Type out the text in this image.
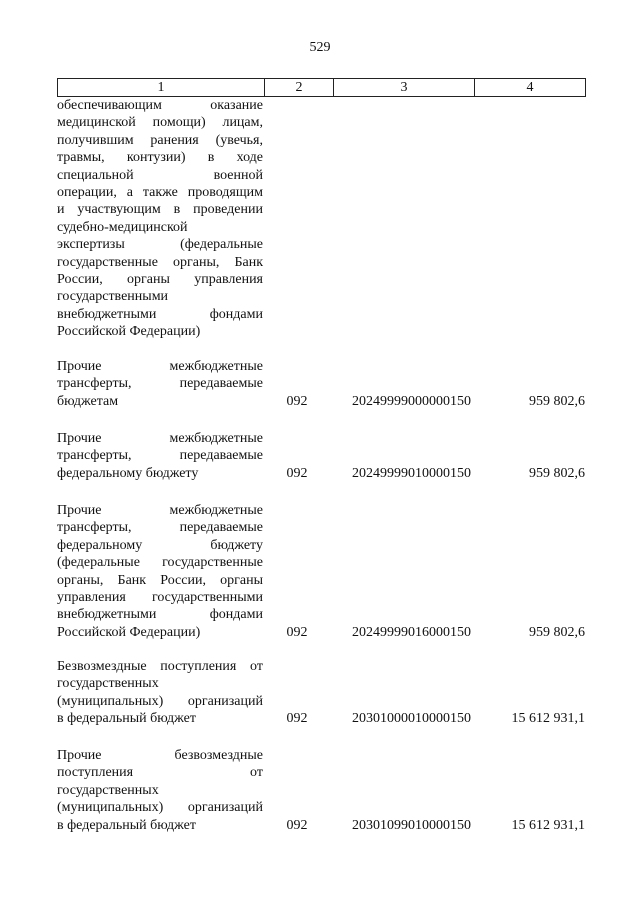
529
1	2	3	4
обеспечивающим оказание
медицинской помощи) лицам,
получившим ранения (увечья,
травмы, контузии) в ходе
специальной военной
операции, а также проводящим
и участвующим в проведении
судебно-медицинской
экспертизы (федеральные
государственные органы, Банк
России, органы управления
государственными
внебюджетными фондами
Российской Федерации)
Прочие межбюджетные
трансферты, передаваемые
бюджетам	092	20249999000000150	959 802,6
Прочие межбюджетные
трансферты, передаваемые
федеральному бюджету	092	20249999010000150	959 802,6
Прочие межбюджетные
трансферты, передаваемые
федеральному бюджету
(федеральные государственные
органы, Банк России, органы
управления государственными
внебюджетными фондами
Российской Федерации)	092	20249999016000150	959 802,6
Безвозмездные поступления от
государственных
(муниципальных) организаций
в федеральный бюджет	092	20301000010000150	15 612 931,1
Прочие безвозмездные
поступления от
государственных
(муниципальных) организаций
в федеральный бюджет	092	20301099010000150	15 612 931,1
